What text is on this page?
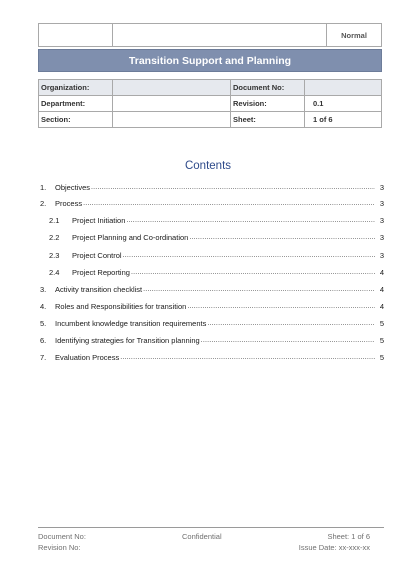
		Normal
Transition Support and Planning
Organization:		Document No:	
Department:		Revision:	0.1
Section:		Sheet:	1 of 6
Contents
1.	Objectives .....	3
2.	Process .....	3
2.1	Project Initiation .....	3
2.2	Project Planning and Co-ordination .....	3
2.3	Project Control .....	3
2.4	Project Reporting .....	4
3.	Activity transition checklist .....	4
4.	Roles and Responsibilities for transition .....	4
5.	Incumbent knowledge transition requirements .....	5
6.	Identifying strategies for Transition planning .....	5
7.	Evaluation Process .....	5
Document No:	Confidential	Sheet: 1 of 6
Revision No:	Issue Date: xx-xxx-xx
